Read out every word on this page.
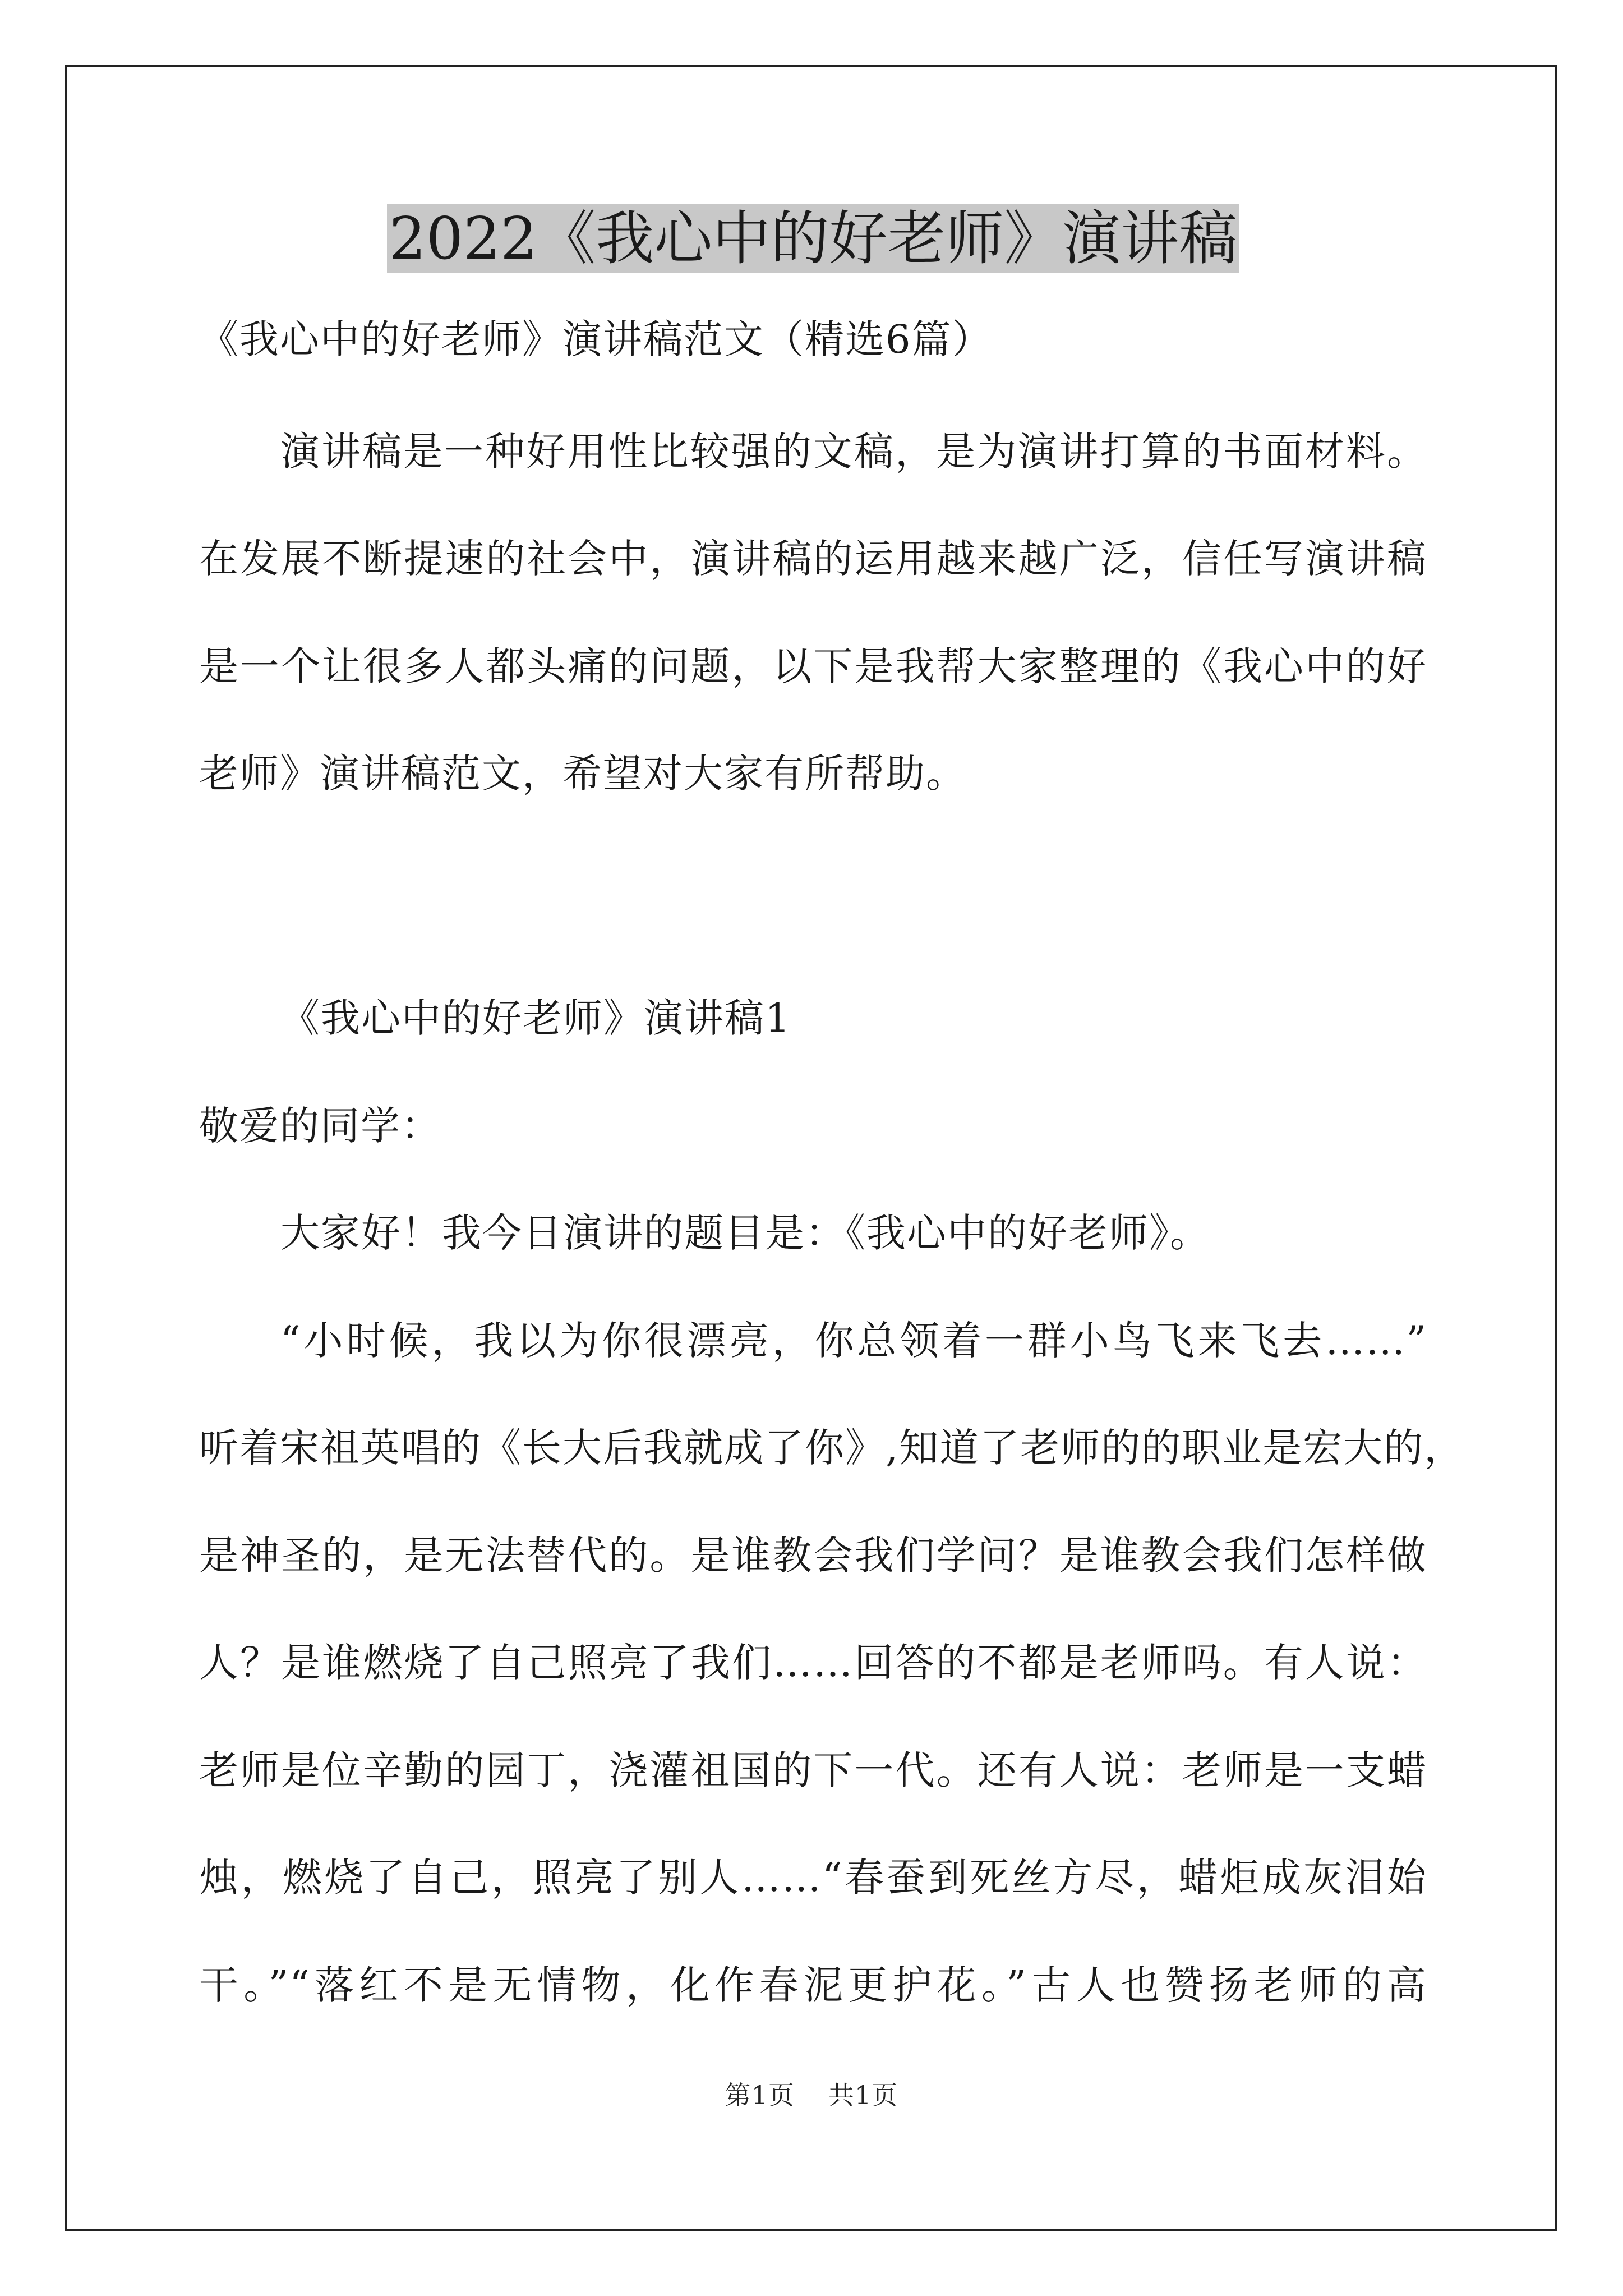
2022《我心中的好老师》演讲稿

《我心中的好老师》演讲稿范文（精选6篇）

演讲稿是一种好用性比较强的文稿，是为演讲打算的书面材料。

在发展不断提速的社会中，演讲稿的运用越来越广泛，信任写演讲稿

是一个让很多人都头痛的问题，以下是我帮大家整理的《我心中的好

老师》演讲稿范文，希望对大家有所帮助。

《我心中的好老师》演讲稿1

敬爱的同学：

大家好！我今日演讲的题目是：《我心中的好老师》。

“小时候，我以为你很漂亮，你总领着一群小鸟飞来飞去……”

听着宋祖英唱的《长大后我就成了你》,知道了老师的的职业是宏大的，

是神圣的，是无法替代的。是谁教会我们学问？是谁教会我们怎样做

人？是谁燃烧了自己照亮了我们……回答的不都是老师吗。有人说：

老师是位辛勤的园丁，浇灌祖国的下一代。还有人说：老师是一支蜡

烛，燃烧了自己，照亮了别人……“春蚕到死丝方尽，蜡炬成灰泪始

干。”“落红不是无情物，化作春泥更护花。”古人也赞扬老师的高

第1页 共1页
